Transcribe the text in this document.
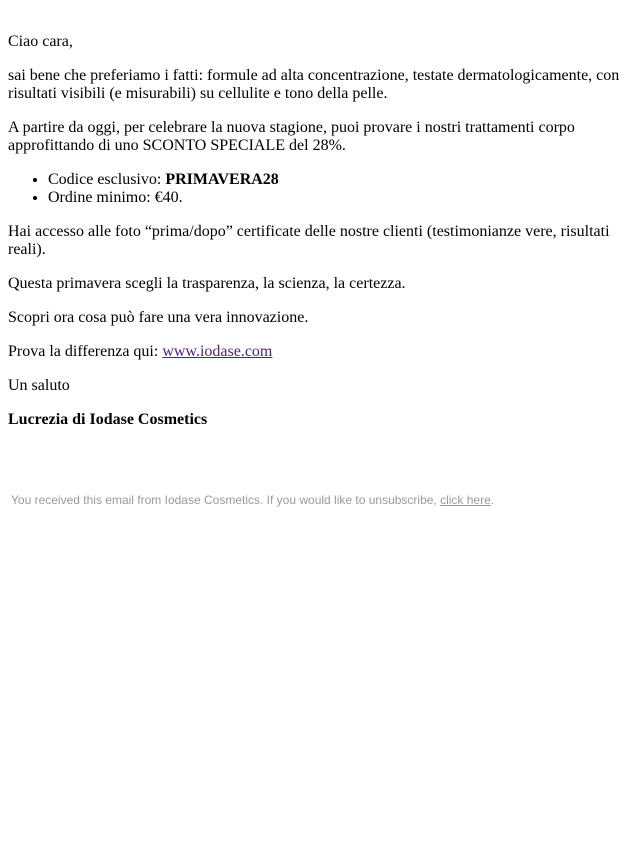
Ciao cara,

sai bene che preferiamo i fatti: formule ad alta concentrazione, testate dermatologicamente, con risultati visibili (e misurabili) su cellulite e tono della pelle.

A partire da oggi, per celebrare la nuova stagione, puoi provare i nostri trattamenti corpo approfittando di uno SCONTO SPECIALE del 28%.

• Codice esclusivo: PRIMAVERA28
• Ordine minimo: €40.

Hai accesso alle foto “prima/dopo” certificate delle nostre clienti (testimonianze vere, risultati reali).

Questa primavera scegli la trasparenza, la scienza, la certezza.

Scopri ora cosa può fare una vera innovazione.

Prova la differenza qui: www.iodase.com

Un saluto

Lucrezia di Iodase Cosmetics

You received this email from Iodase Cosmetics. If you would like to unsubscribe, click here.
